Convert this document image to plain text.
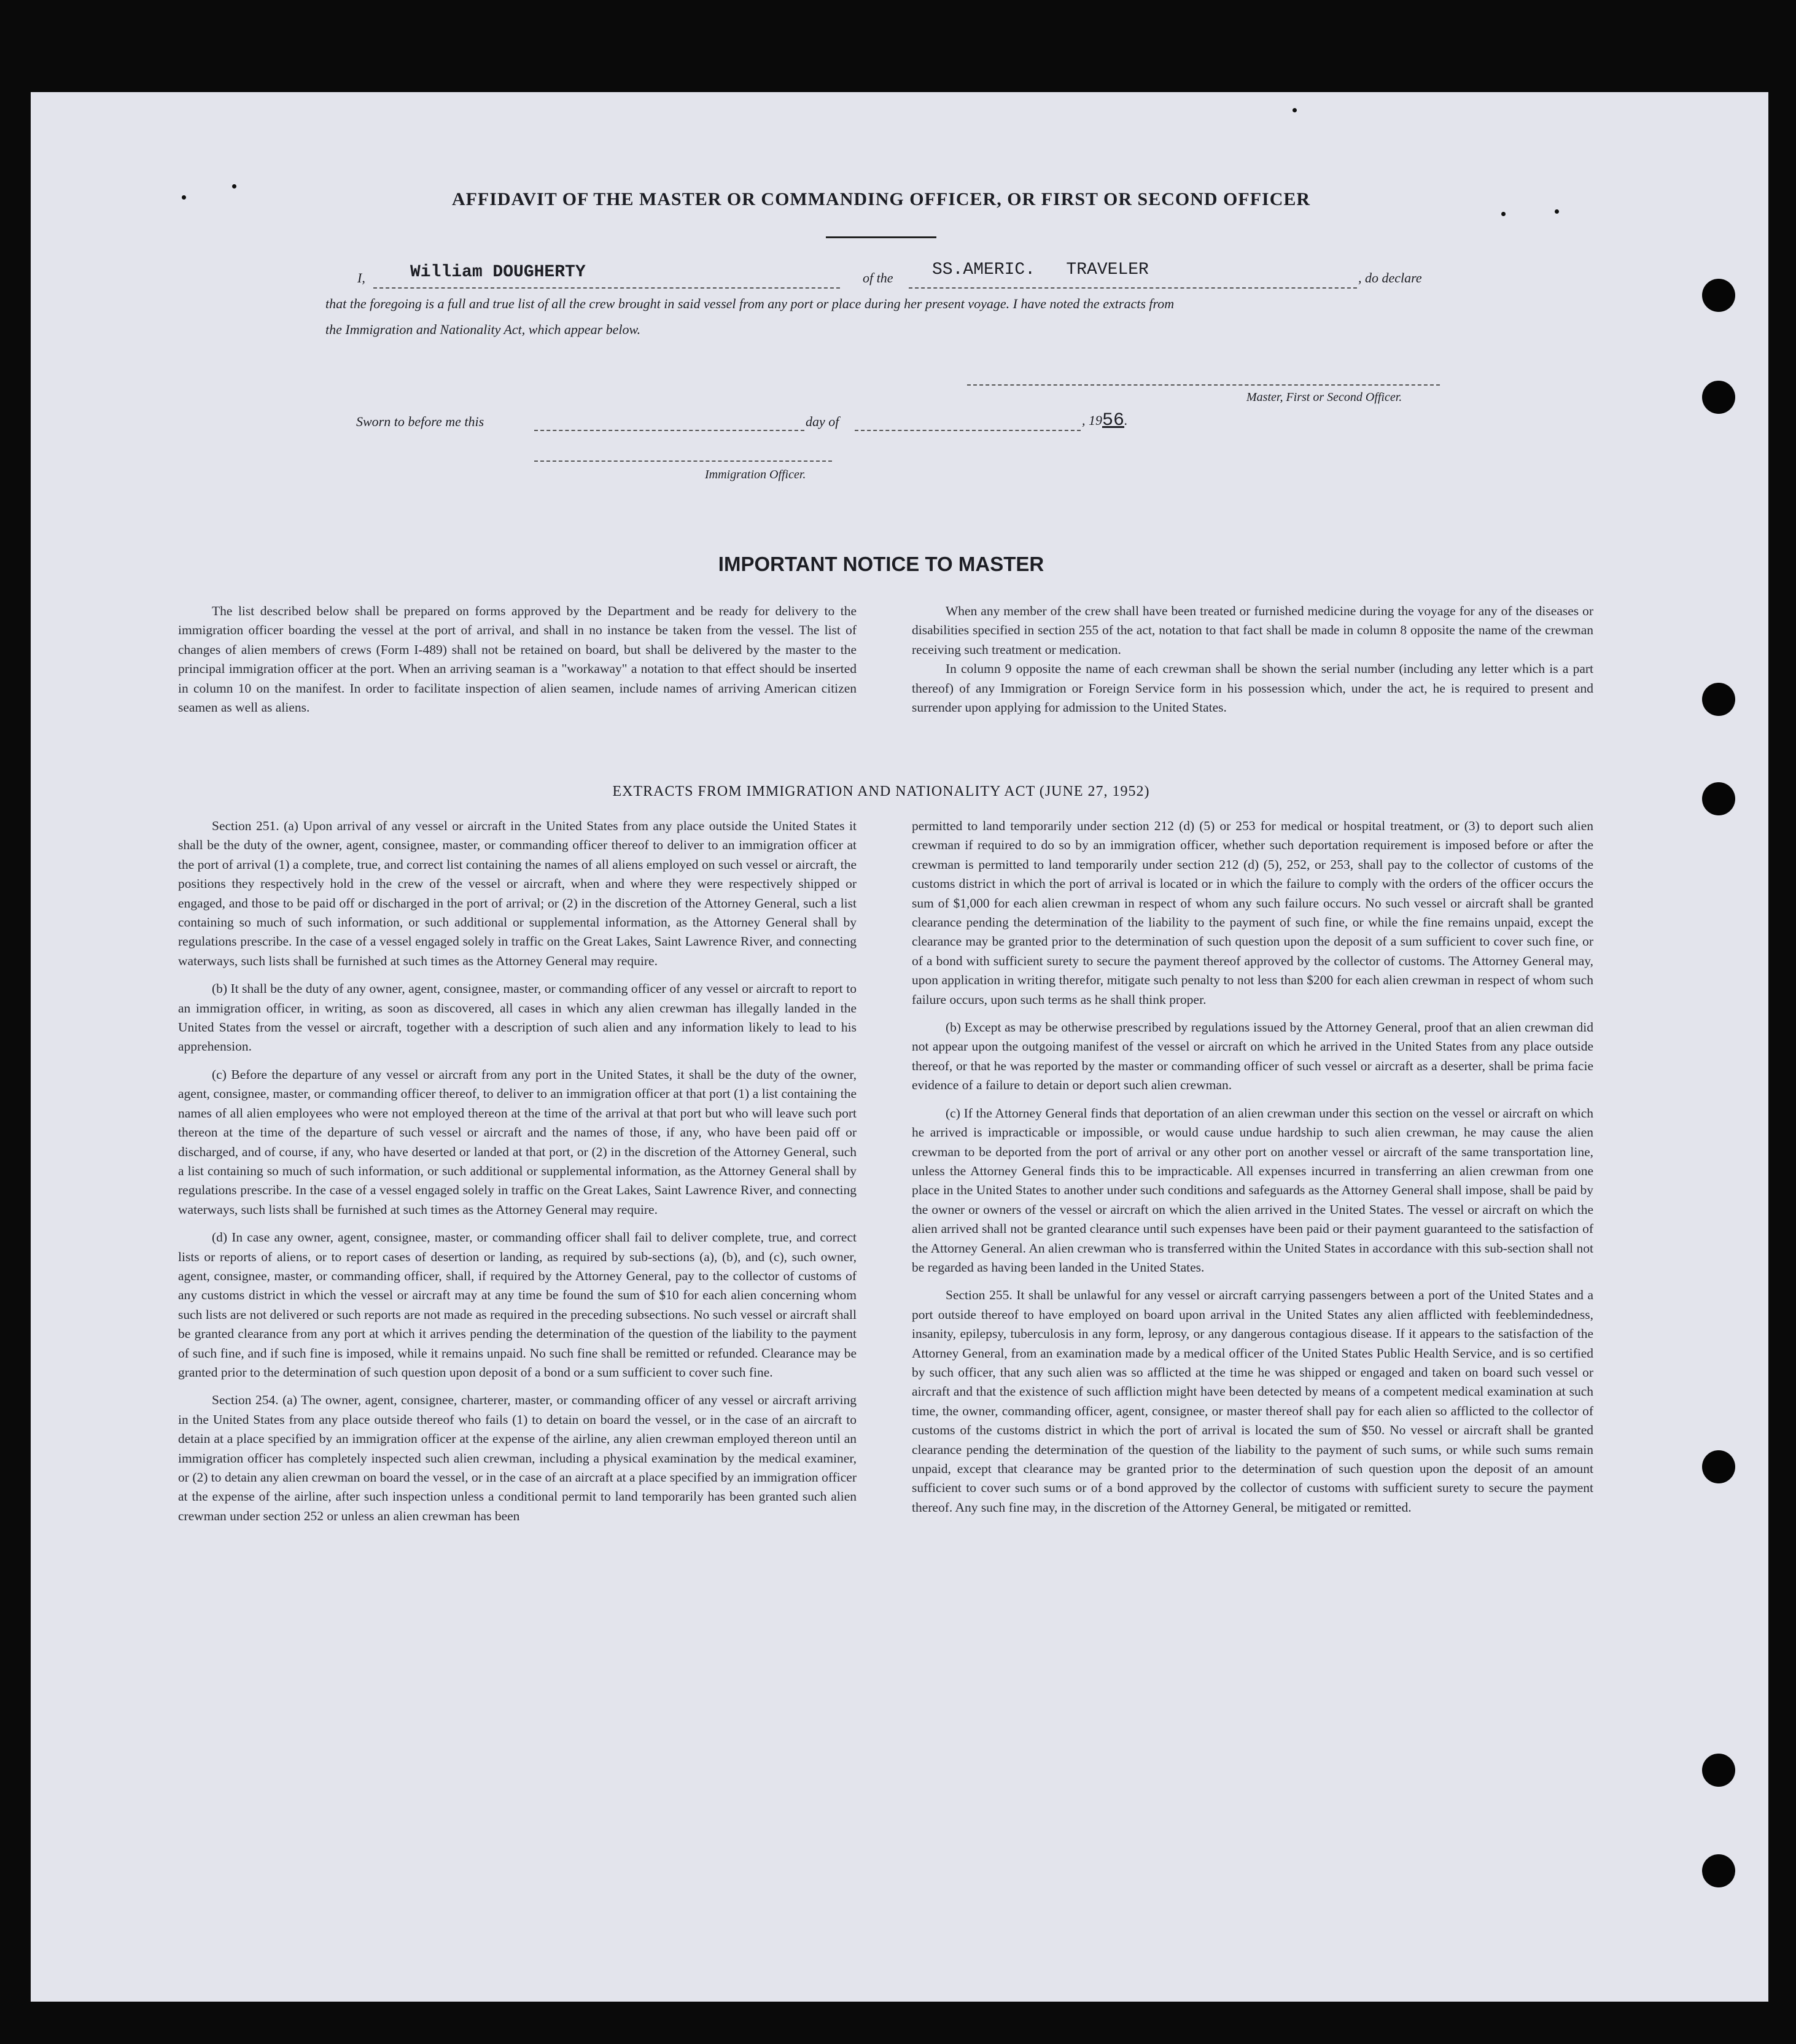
AFFIDAVIT OF THE MASTER OR COMMANDING OFFICER, OR FIRST OR SECOND OFFICER
I,	William DOUGHERTY	of the SS.AMERIC.   TRAVELER	, do declare
that the foregoing is a full and true list of all the crew brought in said vessel from any port or place during her present voyage. I have noted the extracts from
the Immigration and Nationality Act, which appear below.
Master, First or Second Officer.
Sworn to before me this	day of	, 1956.
Immigration Officer.
IMPORTANT NOTICE TO MASTER

The list described below shall be prepared on forms approved by the Department and be ready for delivery to the immigration officer boarding the vessel at the port of arrival, and shall in no instance be taken from the vessel. The list of changes of alien members of crews (Form I-489) shall not be retained on board, but shall be delivered by the master to the principal immigration officer at the port. When an arriving seaman is a "workaway" a notation to that effect should be inserted in column 10 on the manifest. In order to facilitate inspection of alien seamen, include names of arriving American citizen seamen as well as aliens.

When any member of the crew shall have been treated or furnished medicine during the voyage for any of the diseases or disabilities specified in section 255 of the act, notation to that fact shall be made in column 8 opposite the name of the crewman receiving such treatment or medication.

In column 9 opposite the name of each crewman shall be shown the serial number (including any letter which is a part thereof) of any Immigration or Foreign Service form in his possession which, under the act, he is required to present and surrender upon applying for admission to the United States.

EXTRACTS FROM IMMIGRATION AND NATIONALITY ACT (JUNE 27, 1952)

Section 251. (a) Upon arrival of any vessel or aircraft in the United States from any place outside the United States it shall be the duty of the owner, agent, consignee, master, or commanding officer thereof to deliver to an immigration officer at the port of arrival (1) a complete, true, and correct list containing the names of all aliens employed on such vessel or aircraft, the positions they respectively hold in the crew of the vessel or aircraft, when and where they were respectively shipped or engaged, and those to be paid off or discharged in the port of arrival; or (2) in the discretion of the Attorney General, such a list containing so much of such information, or such additional or supplemental information, as the Attorney General shall by regulations prescribe. In the case of a vessel engaged solely in traffic on the Great Lakes, Saint Lawrence River, and connecting waterways, such lists shall be furnished at such times as the Attorney General may require.

(b) It shall be the duty of any owner, agent, consignee, master, or commanding officer of any vessel or aircraft to report to an immigration officer, in writing, as soon as discovered, all cases in which any alien crewman has illegally landed in the United States from the vessel or aircraft, together with a description of such alien and any information likely to lead to his apprehension.

(c) Before the departure of any vessel or aircraft from any port in the United States, it shall be the duty of the owner, agent, consignee, master, or commanding officer thereof, to deliver to an immigration officer at that port (1) a list containing the names of all alien employees who were not employed thereon at the time of the arrival at that port but who will leave such port thereon at the time of the departure of such vessel or aircraft and the names of those, if any, who have been paid off or discharged, and of course, if any, who have deserted or landed at that port, or (2) in the discretion of the Attorney General, such a list containing so much of such information, or such additional or supplemental information, as the Attorney General shall by regulations prescribe. In the case of a vessel engaged solely in traffic on the Great Lakes, Saint Lawrence River, and connecting waterways, such lists shall be furnished at such times as the Attorney General may require.

(d) In case any owner, agent, consignee, master, or commanding officer shall fail to deliver complete, true, and correct lists or reports of aliens, or to report cases of desertion or landing, as required by sub-sections (a), (b), and (c), such owner, agent, consignee, master, or commanding officer, shall, if required by the Attorney General, pay to the collector of customs of any customs district in which the vessel or aircraft may at any time be found the sum of $10 for each alien concerning whom such lists are not delivered or such reports are not made as required in the preceding subsections. No such vessel or aircraft shall be granted clearance from any port at which it arrives pending the determination of the question of the liability to the payment of such fine, and if such fine is imposed, while it remains unpaid. No such fine shall be remitted or refunded. Clearance may be granted prior to the determination of such question upon deposit of a bond or a sum sufficient to cover such fine.

Section 254. (a) The owner, agent, consignee, charterer, master, or commanding officer of any vessel or aircraft arriving in the United States from any place outside thereof who fails (1) to detain on board the vessel, or in the case of an aircraft to detain at a place specified by an immigration officer at the expense of the airline, any alien crewman employed thereon until an immigration officer has completely inspected such alien crewman, including a physical examination by the medical examiner, or (2) to detain any alien crewman on board the vessel, or in the case of an aircraft at a place specified by an immigration officer at the expense of the airline, after such inspection unless a conditional permit to land temporarily has been granted such alien crewman under section 252 or unless an alien crewman has been

permitted to land temporarily under section 212 (d) (5) or 253 for medical or hospital treatment, or (3) to deport such alien crewman if required to do so by an immigration officer, whether such deportation requirement is imposed before or after the crewman is permitted to land temporarily under section 212 (d) (5), 252, or 253, shall pay to the collector of customs of the customs district in which the port of arrival is located or in which the failure to comply with the orders of the officer occurs the sum of $1,000 for each alien crewman in respect of whom any such failure occurs. No such vessel or aircraft shall be granted clearance pending the determination of the liability to the payment of such fine, or while the fine remains unpaid, except the clearance may be granted prior to the determination of such question upon the deposit of a sum sufficient to cover such fine, or of a bond with sufficient surety to secure the payment thereof approved by the collector of customs. The Attorney General may, upon application in writing therefor, mitigate such penalty to not less than $200 for each alien crewman in respect of whom such failure occurs, upon such terms as he shall think proper.

(b) Except as may be otherwise prescribed by regulations issued by the Attorney General, proof that an alien crewman did not appear upon the outgoing manifest of the vessel or aircraft on which he arrived in the United States from any place outside thereof, or that he was reported by the master or commanding officer of such vessel or aircraft as a deserter, shall be prima facie evidence of a failure to detain or deport such alien crewman.

(c) If the Attorney General finds that deportation of an alien crewman under this section on the vessel or aircraft on which he arrived is impracticable or impossible, or would cause undue hardship to such alien crewman, he may cause the alien crewman to be deported from the port of arrival or any other port on another vessel or aircraft of the same transportation line, unless the Attorney General finds this to be impracticable. All expenses incurred in transferring an alien crewman from one place in the United States to another under such conditions and safeguards as the Attorney General shall impose, shall be paid by the owner or owners of the vessel or aircraft on which the alien arrived in the United States. The vessel or aircraft on which the alien arrived shall not be granted clearance until such expenses have been paid or their payment guaranteed to the satisfaction of the Attorney General. An alien crewman who is transferred within the United States in accordance with this sub-section shall not be regarded as having been landed in the United States.

Section 255. It shall be unlawful for any vessel or aircraft carrying passengers between a port of the United States and a port outside thereof to have employed on board upon arrival in the United States any alien afflicted with feeblemindedness, insanity, epilepsy, tuberculosis in any form, leprosy, or any dangerous contagious disease. If it appears to the satisfaction of the Attorney General, from an examination made by a medical officer of the United States Public Health Service, and is so certified by such officer, that any such alien was so afflicted at the time he was shipped or engaged and taken on board such vessel or aircraft and that the existence of such affliction might have been detected by means of a competent medical examination at such time, the owner, commanding officer, agent, consignee, or master thereof shall pay for each alien so afflicted to the collector of customs of the customs district in which the port of arrival is located the sum of $50. No vessel or aircraft shall be granted clearance pending the determination of the question of the liability to the payment of such sums, or while such sums remain unpaid, except that clearance may be granted prior to the determination of such question upon the deposit of an amount sufficient to cover such sums or of a bond approved by the collector of customs with sufficient surety to secure the payment thereof. Any such fine may, in the discretion of the Attorney General, be mitigated or remitted.
